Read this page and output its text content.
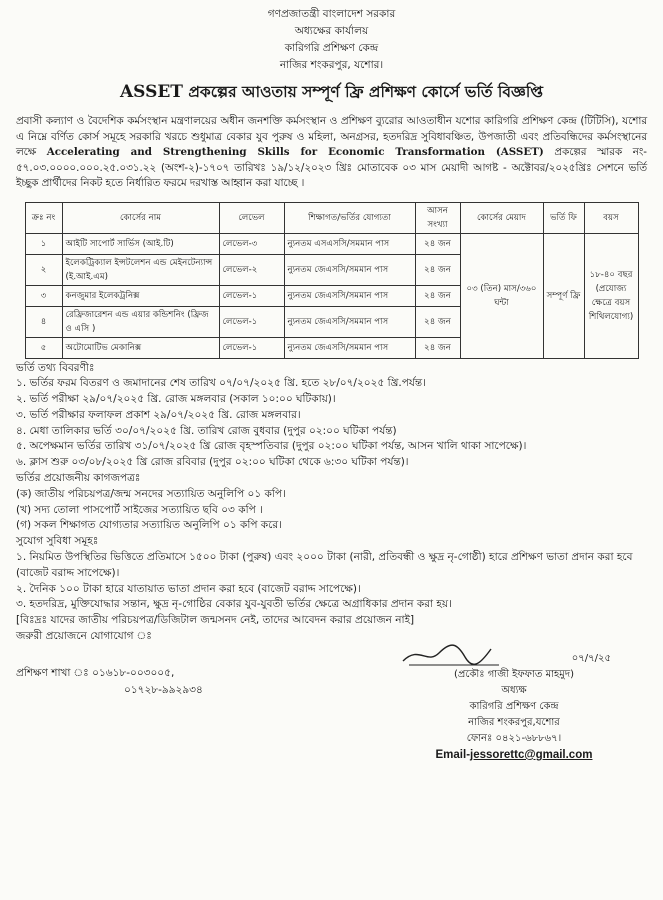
গণপ্রজাতন্ত্রী বাংলাদেশ সরকার
অধ্যক্ষের কার্যালয়
কারিগরি প্রশিক্ষণ কেন্দ্র
নাজির শংকরপুর, যশোর।
ASSET প্রকল্পের আওতায় সম্পূর্ণ ফ্রি প্রশিক্ষণ কোর্সে ভর্তি বিজ্ঞপ্তি
প্রবাসী কল্যাণ ও বৈদেশিক কর্মসংস্থান মন্ত্রণালয়ের অধীন জনশক্তি কর্মসংস্থান ও প্রশিক্ষণ ব্যুরোর আওতাধীন যশোর কারিগরি প্রশিক্ষণ কেন্দ্র (টিটিসি), যশোর এ নিম্নে বর্ণিত কোর্স সমূহে সরকারি খরচে শুধুমাত্র বেকার যুব পুরুষ ও মহিলা, অনগ্রসর, হতদরিদ্র সুবিধাবঞ্চিত, উপজাতী এবং প্রতিবন্ধিদের কর্মসংস্থানের লক্ষে Accelerating and Strengthening Skills for Economic Transformation (ASSET) প্রকল্পের স্মারক নং- ৫৭.০৩.০০০০.০০০.২৫.০৩১.২২ (অংশ-২)-১৭০৭ তারিখঃ ১৯/১২/২০২৩ খ্রিঃ মোতাবেক ০৩ মাস মেয়াদী আগষ্ট - অক্টোবর/২০২৫খ্রিঃ সেশনে ভর্তি ইচ্ছুক প্রার্থীদের নিকট হতে নির্ধারিত ফরমে দরখাস্ত আহ্বান করা যাচ্ছে ।
ক্রঃ নং	কোর্সের নাম	লেভেল	শিক্ষাগত/ভর্তির যোগ্যতা	আসন সংখ্যা	কোর্সের মেয়াদ	ভর্তি ফি	বয়স
১	আইটি সাপোর্ট সার্ভিস (আই.টি)	লেভেল-৩	ন্যুনতম এসএসসি/সমমান পাস	২৪ জন	০৩ (তিন) মাস/৩৬০ ঘন্টা	সম্পূর্ণ ফ্রি	১৮-৪০ বছর (প্রযোজ্য ক্ষেত্রে বয়স শিথিলযোগ্য)
২	ইলেকট্রিক্যাল ইন্সটলেশন এন্ড মেইনটেন্যান্স (ই.আই.এম)	লেভেল-২	ন্যুনতম জেএসসি/সমমান পাস	২৪ জন			
৩	কনজুমার ইলেকট্রনিক্স	লেভেল-১	ন্যুনতম জেএসসি/সমমান পাস	২৪ জন			
৪	রেফ্রিজারেশন এন্ড এয়ার কন্ডিশনিং (ফ্রিজ ও এসি )	লেভেল-১	ন্যুনতম জেএসসি/সমমান পাস	২৪ জন			
৫	অটোমোটিভ মেকানিক্স	লেভেল-১	ন্যুনতম জেএসসি/সমমান পাস	২৪ জন			
ভর্তি তথ্য বিবরণীঃ
১. ভর্তির ফরম বিতরণ ও জমাদানের শেষ তারিখ ০৭/০৭/২০২৫ খ্রি. হতে ২৮/০৭/২০২৫ খ্রি.পর্যন্ত।
২. ভর্তি পরীক্ষা ২৯/০৭/২০২৫ খ্রি. রোজ মঙ্গলবার (সকাল ১০:০০ ঘটিকায়)।
৩. ভর্তি পরীক্ষার ফলাফল প্রকাশ ২৯/০৭/২০২৫ খ্রি. রোজ মঙ্গলবার।
৪. মেধা তালিকার ভর্তি ৩০/০৭/২০২৫ খ্রি. তারিখ রোজ বুধবার (দুপুর ০২:০০ ঘটিকা পর্যন্ত)
৫. অপেক্ষমান ভর্তির তারিখ ৩১/০৭/২০২৫ খ্রি রোজ বৃহস্পতিবার (দুপুর ০২:০০ ঘটিকা পর্যন্ত, আসন খালি থাকা সাপেক্ষে)।
৬. ক্লাস শুরু ০৩/০৮/২০২৫ খ্রি রোজ রবিবার (দুপুর ০২:০০ ঘটিকা থেকে ৬:৩০ ঘটিকা পর্যন্ত)।
ভর্তির প্রয়োজনীয় কাগজপত্রঃ
(ক) জাতীয় পরিচয়পত্র/জন্ম সনদের সত্যায়িত অনুলিপি ০১ কপি।
(খ) সদ্য তোলা পাসপোর্ট সাইজের সত্যায়িত ছবি ০৩ কপি ।
(গ) সকল শিক্ষাগত যোগ্যতার সত্যায়িত অনুলিপি ০১ কপি করে।
সুযোগ সুবিধা সমূহঃ
১. নিয়মিত উপস্থিতির ভিত্তিতে প্রতিমাসে ১৫০০ টাকা (পুরুষ) এবং ২০০০ টাকা (নারী, প্রতিবন্ধী ও ক্ষুদ্র নৃ-গোষ্ঠী) হারে প্রশিক্ষণ ভাতা প্রদান করা হবে (বাজেট বরাদ্দ সাপেক্ষে)।
২. দৈনিক ১০০ টাকা হারে যাতায়াত ভাতা প্রদান করা হবে (বাজেট বরাদ্দ সাপেক্ষে)।
৩. হতদরিদ্র, মুক্তিযোদ্ধার সন্তান, ক্ষুদ্র নৃ-গোষ্ঠির বেকার যুব-যুবতী ভর্তির ক্ষেত্রে অগ্রাধিকার প্রদান করা হয়।
[বিঃদ্রঃ যাদের জাতীয় পরিচয়পত্র/ডিজিটাল জন্মসনদ নেই, তাদের আবেদন করার প্রয়োজন নাই]
জরুরী প্রয়োজনে যোগাযোগ ঃ
প্রশিক্ষণ শাখা ঃ ০১৬১৮-০০৩০০৫,
০১৭২৮-৯৯২৯৩৪
০৭/৭/২৫
(প্রকৌঃ গাজী ইফফাত মাহমুদ)
অধ্যক্ষ
কারিগরি প্রশিক্ষণ কেন্দ্র
নাজির শংকরপুর,যশোর
ফোনঃ ০৪২১-৬৮৮৬৭।
Email-jessorettc@gmail.com
